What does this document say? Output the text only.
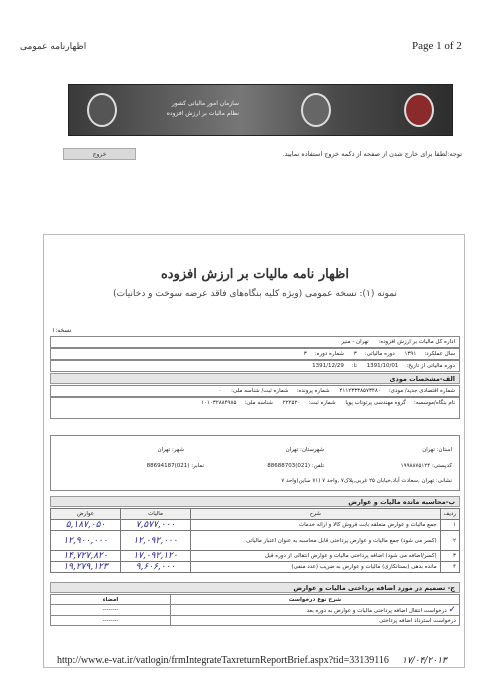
اظهارنامه عمومی	Page 1 of 2
سازمان امور مالیاتی کشور
نظام مالیات بر ارزش افزوده
خروج	توجه:لطفا برای خارج شدن از صفحه از دکمه خروج استفاده نمایید.
اظهار نامه مالیات بر ارزش افزوده
نمونه (۱): نسخه عمومی (ویژه کلیه بنگاه‌های فاقد عرضه سوخت و دخانیات)
نسخه:۱
اداره کل مالیات بر ارزش افزوده: تهران - منیر
سال عملکرد:۱۳۹۱ دوره مالیاتی:۳ شماره دوره:۳
دوره مالیاتی از تاریخ:1391/10/01 تا:1391/12/29
الف-مشخصات مودی
شماره اقتصادی جدید/ مودی:۴۱۱۲۳۳۳۸۵۷۳۴۸۰ شماره پرونده:شماره ثبت/ شناسه ملی: ۰
نام بنگاه/موسسه:گروه مهندسی پرتوتاب پویا شماره ثبت:۲۲۲۵۲۰ شناسه ملی:۱۰۱۰۳۲۸۸۴۹۸۵
استان: تهران
شهرستان: تهران
شهر: تهران
کدپستی: ۱۹۹۸۸۷۵۱۲۴
تلفن: (021)88688703
نمابر: (021)88694187
نشانی: تهران ,سعادت آباد,خیابان ۲۵ غربی,پلاک۷ ,واحد ۷ (۷۱ ساین)واحد ۷
ب-محاسبه مانده مالیات و عوارض
ردیف	شرح	مالیات	عوارض
۱	جمع مالیات و عوارض متعلقه بابت فروش کالا و ارائه خدمات	۷,۵۷۷,۰۰۰	۵,۱۸۷,۰۵۰
۲	(کسر می شود) جمع مالیات و عوارض پرداختی قابل محاسبه به عنوان اعتبار مالیاتی	۱۲,۰۹۲,۰۰۰	۱۲,۹۰۰,۰۰۰
۳	(کسر/اضافه می شود) اضافه پرداختی مالیات و عوارض انتقالی از دوره قبل	۱۷,۰۹۲,۱۲۰	۱۴,۷۲۷,۸۲۰
۴	مانده بدهی (بستانکاری) مالیات و عوارض به ضریب (عدد منفی)	۹,۶۰۶,۰۰۰	۱۹,۲۷۹,۱۲۳
ج- تصمیم در مورد اضافه پرداختی مالیات و عوارض
شرح نوع درخواست	امضاء
✓ درخواست انتقال اضافه پرداختی مالیات و عوارض به دوره بعد	--------
درخواست استرداد اضافه پرداختی	--------
http://www.e-vat.ir/vatlogin/frmIntegrateTaxreturnReportBrief.aspx?tid=33139116 ۱۷/۰۴/۲۰۱۳
